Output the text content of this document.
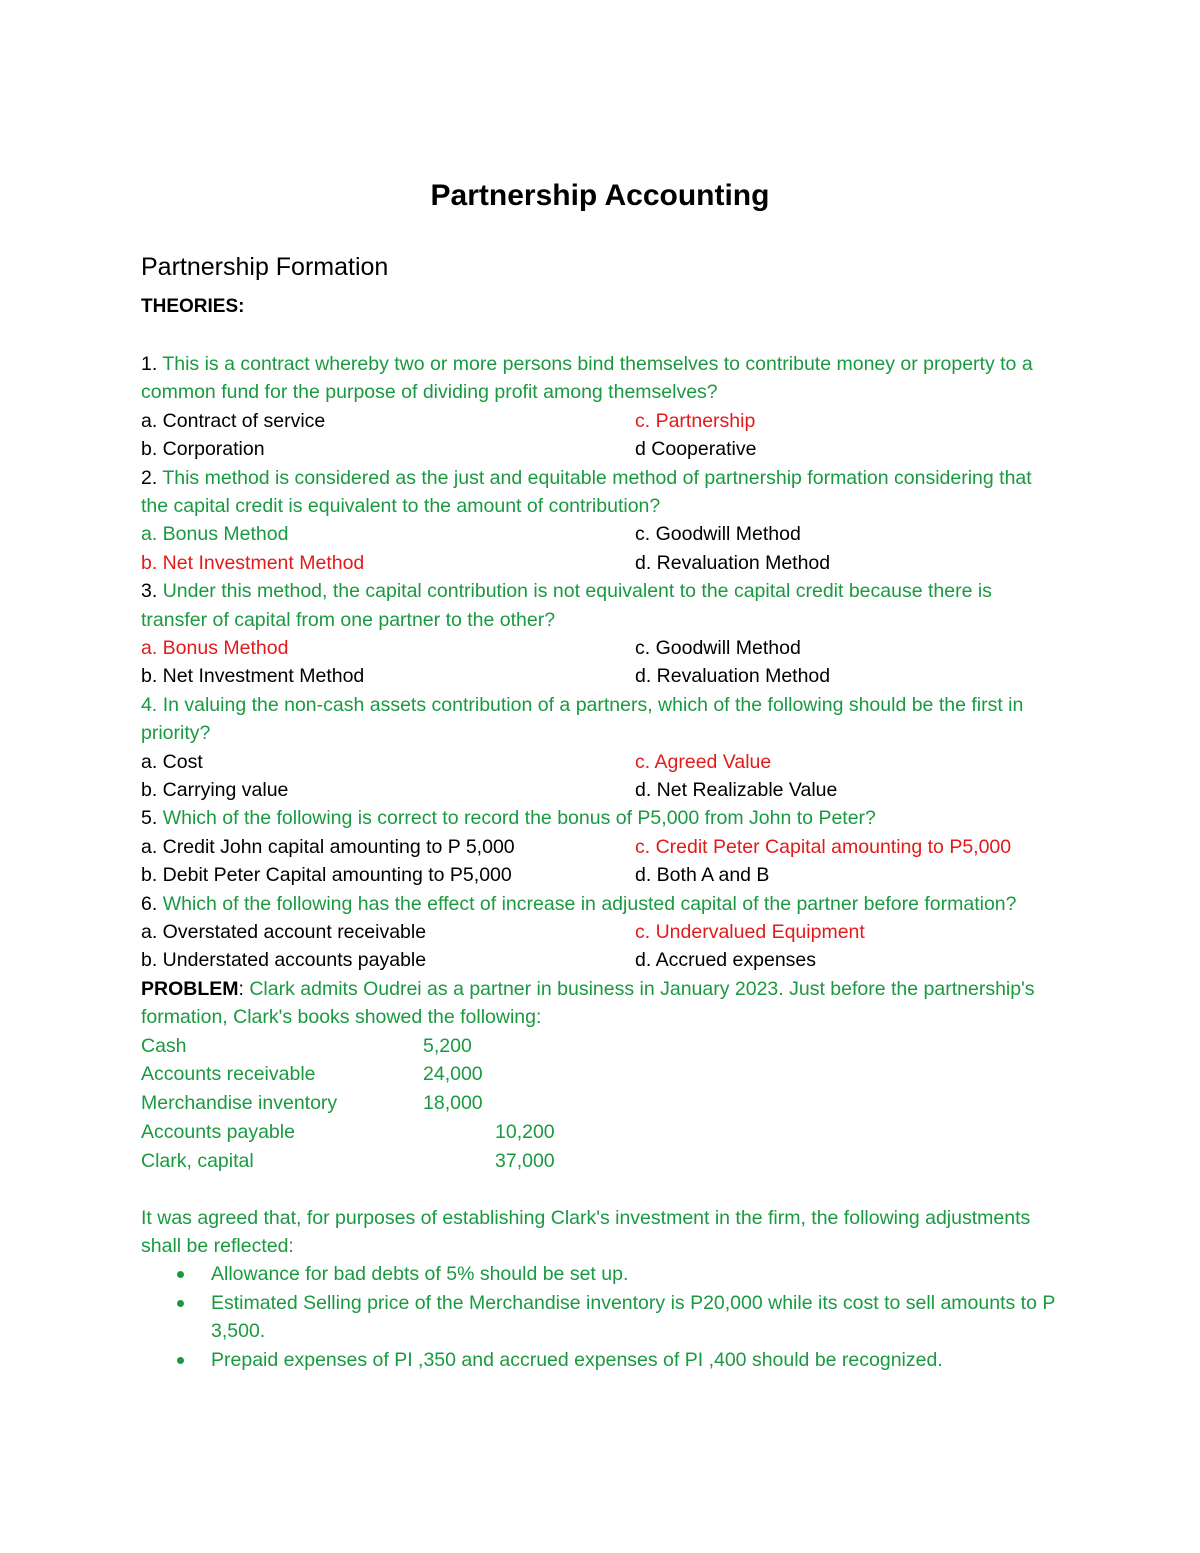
Partnership Accounting
Partnership Formation
THEORIES:
1. This is a contract whereby two or more persons bind themselves to contribute money or property to a common fund for the purpose of dividing profit among themselves?
a. Contract of service	c. Partnership
b. Corporation	d Cooperative
2. This method is considered as the just and equitable method of partnership formation considering that the capital credit is equivalent to the amount of contribution?
a. Bonus Method	c. Goodwill Method
b. Net Investment Method	d. Revaluation Method
3. Under this method, the capital contribution is not equivalent to the capital credit because there is transfer of capital from one partner to the other?
a. Bonus Method	c. Goodwill Method
b. Net Investment Method	d. Revaluation Method
4. In valuing the non-cash assets contribution of a partners, which of the following should be the first in priority?
a. Cost	c. Agreed Value
b. Carrying value	d. Net Realizable Value
5. Which of the following is correct to record the bonus of P5,000 from John to Peter?
a. Credit John capital amounting to P 5,000	c. Credit Peter Capital amounting to P5,000
b. Debit Peter Capital amounting to P5,000	d. Both A and B
6. Which of the following has the effect of increase in adjusted capital of the partner before formation?
a. Overstated account receivable	c. Undervalued Equipment
b. Understated accounts payable	d. Accrued expenses
PROBLEM: Clark admits Oudrei as a partner in business in January 2023. Just before the partnership's formation, Clark's books showed the following:
Cash	5,200
Accounts receivable	24,000
Merchandise inventory	18,000
Accounts payable	10,200
Clark, capital	37,000
It was agreed that, for purposes of establishing Clark's investment in the firm, the following adjustments shall be reflected:
Allowance for bad debts of 5% should be set up.
Estimated Selling price of the Merchandise inventory is P20,000 while its cost to sell amounts to P 3,500.
Prepaid expenses of PI ,350 and accrued expenses of PI ,400 should be recognized.
